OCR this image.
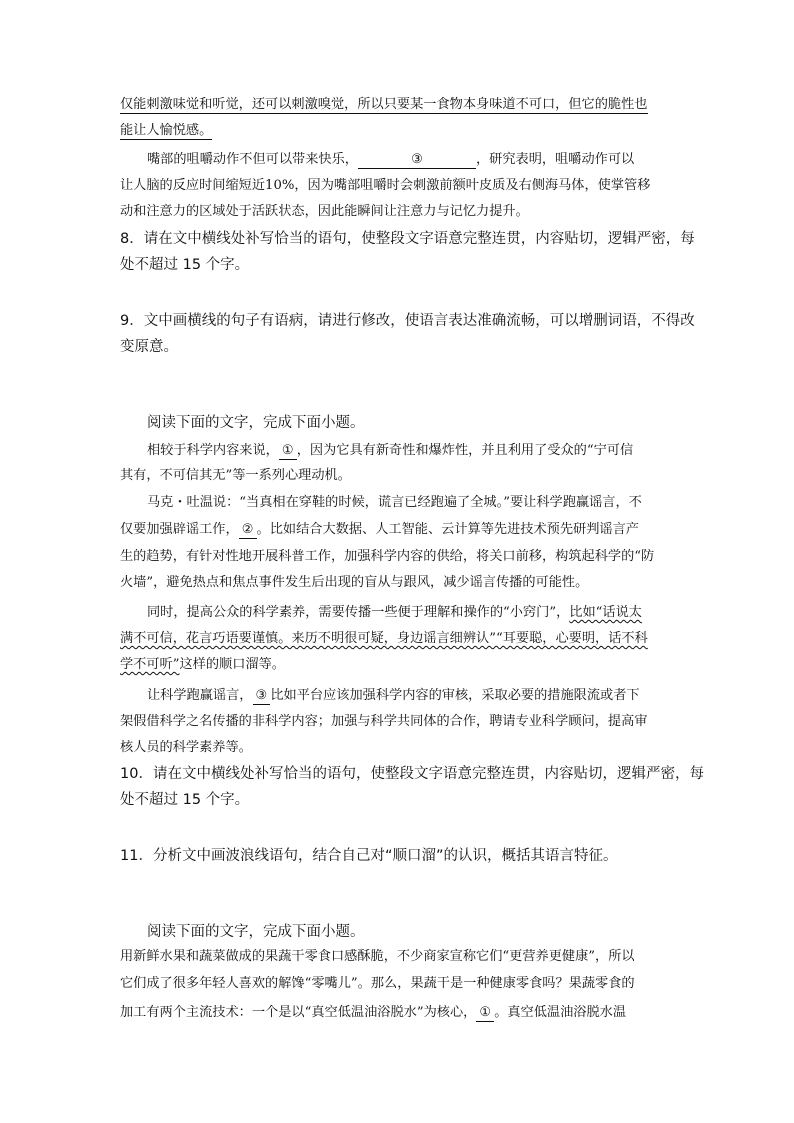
仅能刺激味觉和听觉，还可以刺激嗅觉，所以只要某一食物本身味道不可口，但它的脆性也
能让人愉悦感。
嘴部的咀嚼动作不但可以带来快乐，	③	，研究表明，咀嚼动作可以
让人脑的反应时间缩短近10%，因为嘴部咀嚼时会刺激前额叶皮质及右侧海马体，使掌管移
动和注意力的区域处于活跃状态，因此能瞬间让注意力与记忆力提升。
8．请在文中横线处补写恰当的语句，使整段文字语意完整连贯，内容贴切，逻辑严密，每
处不超过 15 个字。
9．文中画横线的句子有语病，请进行修改，使语言表达准确流畅，可以增删词语，不得改
变原意。
阅读下面的文字，完成下面小题。
相较于科学内容来说， ① ，因为它具有新奇性和爆炸性，并且利用了受众的“宁可信
其有，不可信其无”等一系列心理动机。
马克・吐温说：“当真相在穿鞋的时候，谎言已经跑遍了全城。”要让科学跑赢谣言，不
仅要加强辟谣工作， ② 。比如结合大数据、人工智能、云计算等先进技术预先研判谣言产
生的趋势，有针对性地开展科普工作，加强科学内容的供给，将关口前移，构筑起科学的“防
火墙”，避免热点和焦点事件发生后出现的盲从与跟风，减少谣言传播的可能性。
同时，提高公众的科学素养，需要传播一些便于理解和操作的“小窍门”，比如“话说太
满不可信，花言巧语要谨慎。来历不明很可疑，身边谣言细辨认”“耳要聪，心要明，话不科
学不可听”这样的顺口溜等。
让科学跑赢谣言， ③ 比如平台应该加强科学内容的审核，采取必要的措施限流或者下
架假借科学之名传播的非科学内容；加强与科学共同体的合作，聘请专业科学顾问，提高审
核人员的科学素养等。
10．请在文中横线处补写恰当的语句，使整段文字语意完整连贯，内容贴切，逻辑严密，每
处不超过 15 个字。
11．分析文中画波浪线语句，结合自己对“顺口溜”的认识，概括其语言特征。
阅读下面的文字，完成下面小题。
用新鲜水果和蔬菜做成的果蔬干零食口感酥脆，不少商家宣称它们“更营养更健康”，所以
它们成了很多年轻人喜欢的解馋“零嘴儿”。那么，果蔬干是一种健康零食吗？果蔬零食的
加工有两个主流技术：一个是以“真空低温油浴脱水”为核心， ① 。真空低温油浴脱水温
